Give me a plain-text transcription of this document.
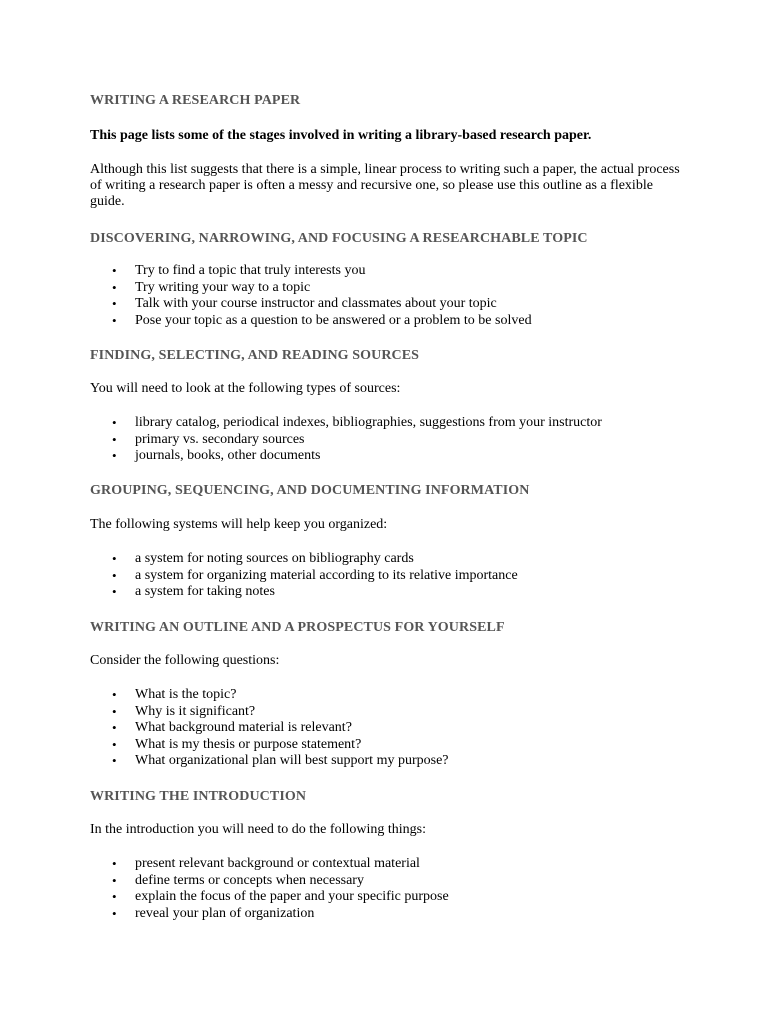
WRITING A RESEARCH PAPER

This page lists some of the stages involved in writing a library-based research paper.

Although this list suggests that there is a simple, linear process to writing such a paper, the actual process of writing a research paper is often a messy and recursive one, so please use this outline as a flexible guide.

DISCOVERING, NARROWING, AND FOCUSING A RESEARCHABLE TOPIC
• Try to find a topic that truly interests you
• Try writing your way to a topic
• Talk with your course instructor and classmates about your topic
• Pose your topic as a question to be answered or a problem to be solved
FINDING, SELECTING, AND READING SOURCES

You will need to look at the following types of sources:

• library catalog, periodical indexes, bibliographies, suggestions from your instructor
• primary vs. secondary sources
• journals, books, other documents
GROUPING, SEQUENCING, AND DOCUMENTING INFORMATION

The following systems will help keep you organized:

• a system for noting sources on bibliography cards
• a system for organizing material according to its relative importance
• a system for taking notes
WRITING AN OUTLINE AND A PROSPECTUS FOR YOURSELF

Consider the following questions:

• What is the topic?
• Why is it significant?
• What background material is relevant?
• What is my thesis or purpose statement?
• What organizational plan will best support my purpose?
WRITING THE INTRODUCTION

In the introduction you will need to do the following things:

• present relevant background or contextual material
• define terms or concepts when necessary
• explain the focus of the paper and your specific purpose
• reveal your plan of organization
